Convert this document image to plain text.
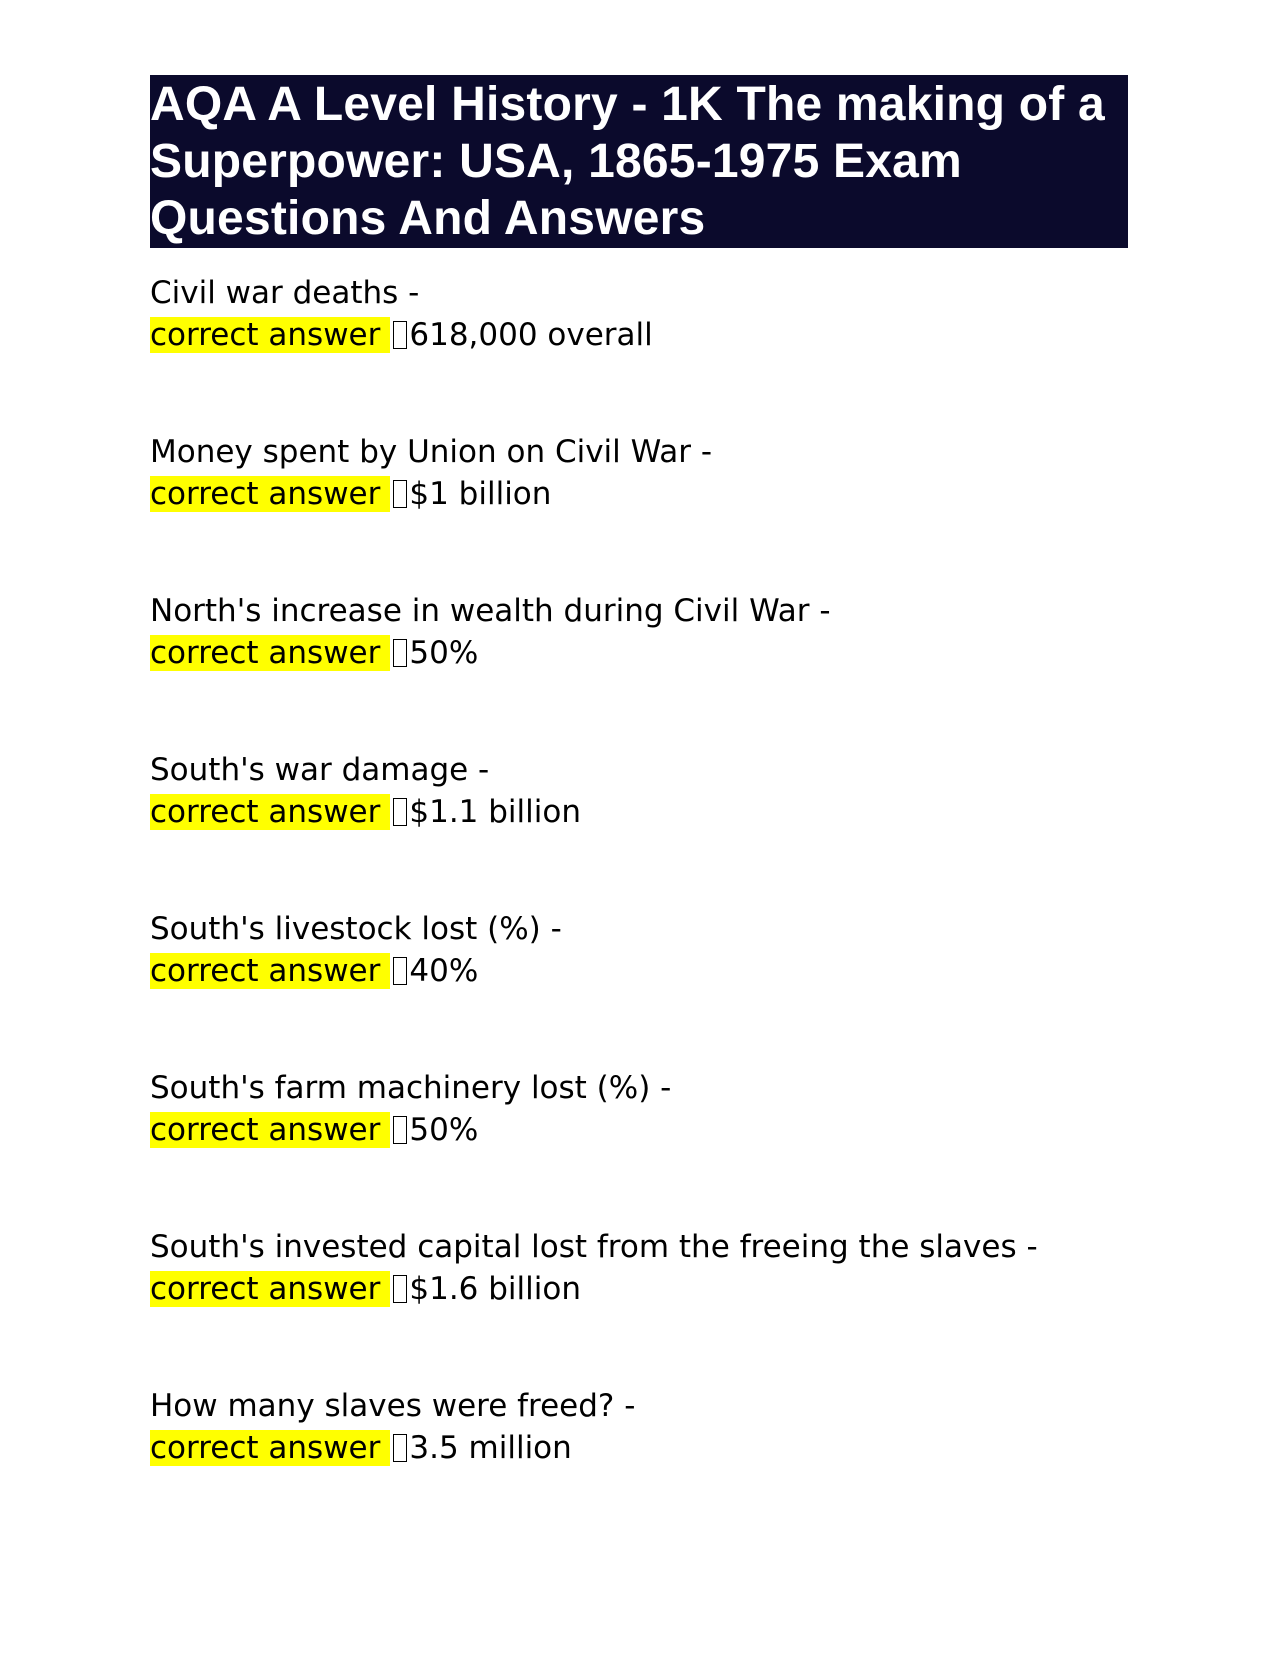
AQA A Level History - 1K The making of a Superpower: USA, 1865-1975 Exam Questions And Answers
Civil war deaths -
correct answer 618,000 overall
Money spent by Union on Civil War -
correct answer $1 billion
North's increase in wealth during Civil War -
correct answer 50%
South's war damage -
correct answer $1.1 billion
South's livestock lost (%) -
correct answer 40%
South's farm machinery lost (%) -
correct answer 50%
South's invested capital lost from the freeing the slaves -
correct answer $1.6 billion
How many slaves were freed? -
correct answer 3.5 million
